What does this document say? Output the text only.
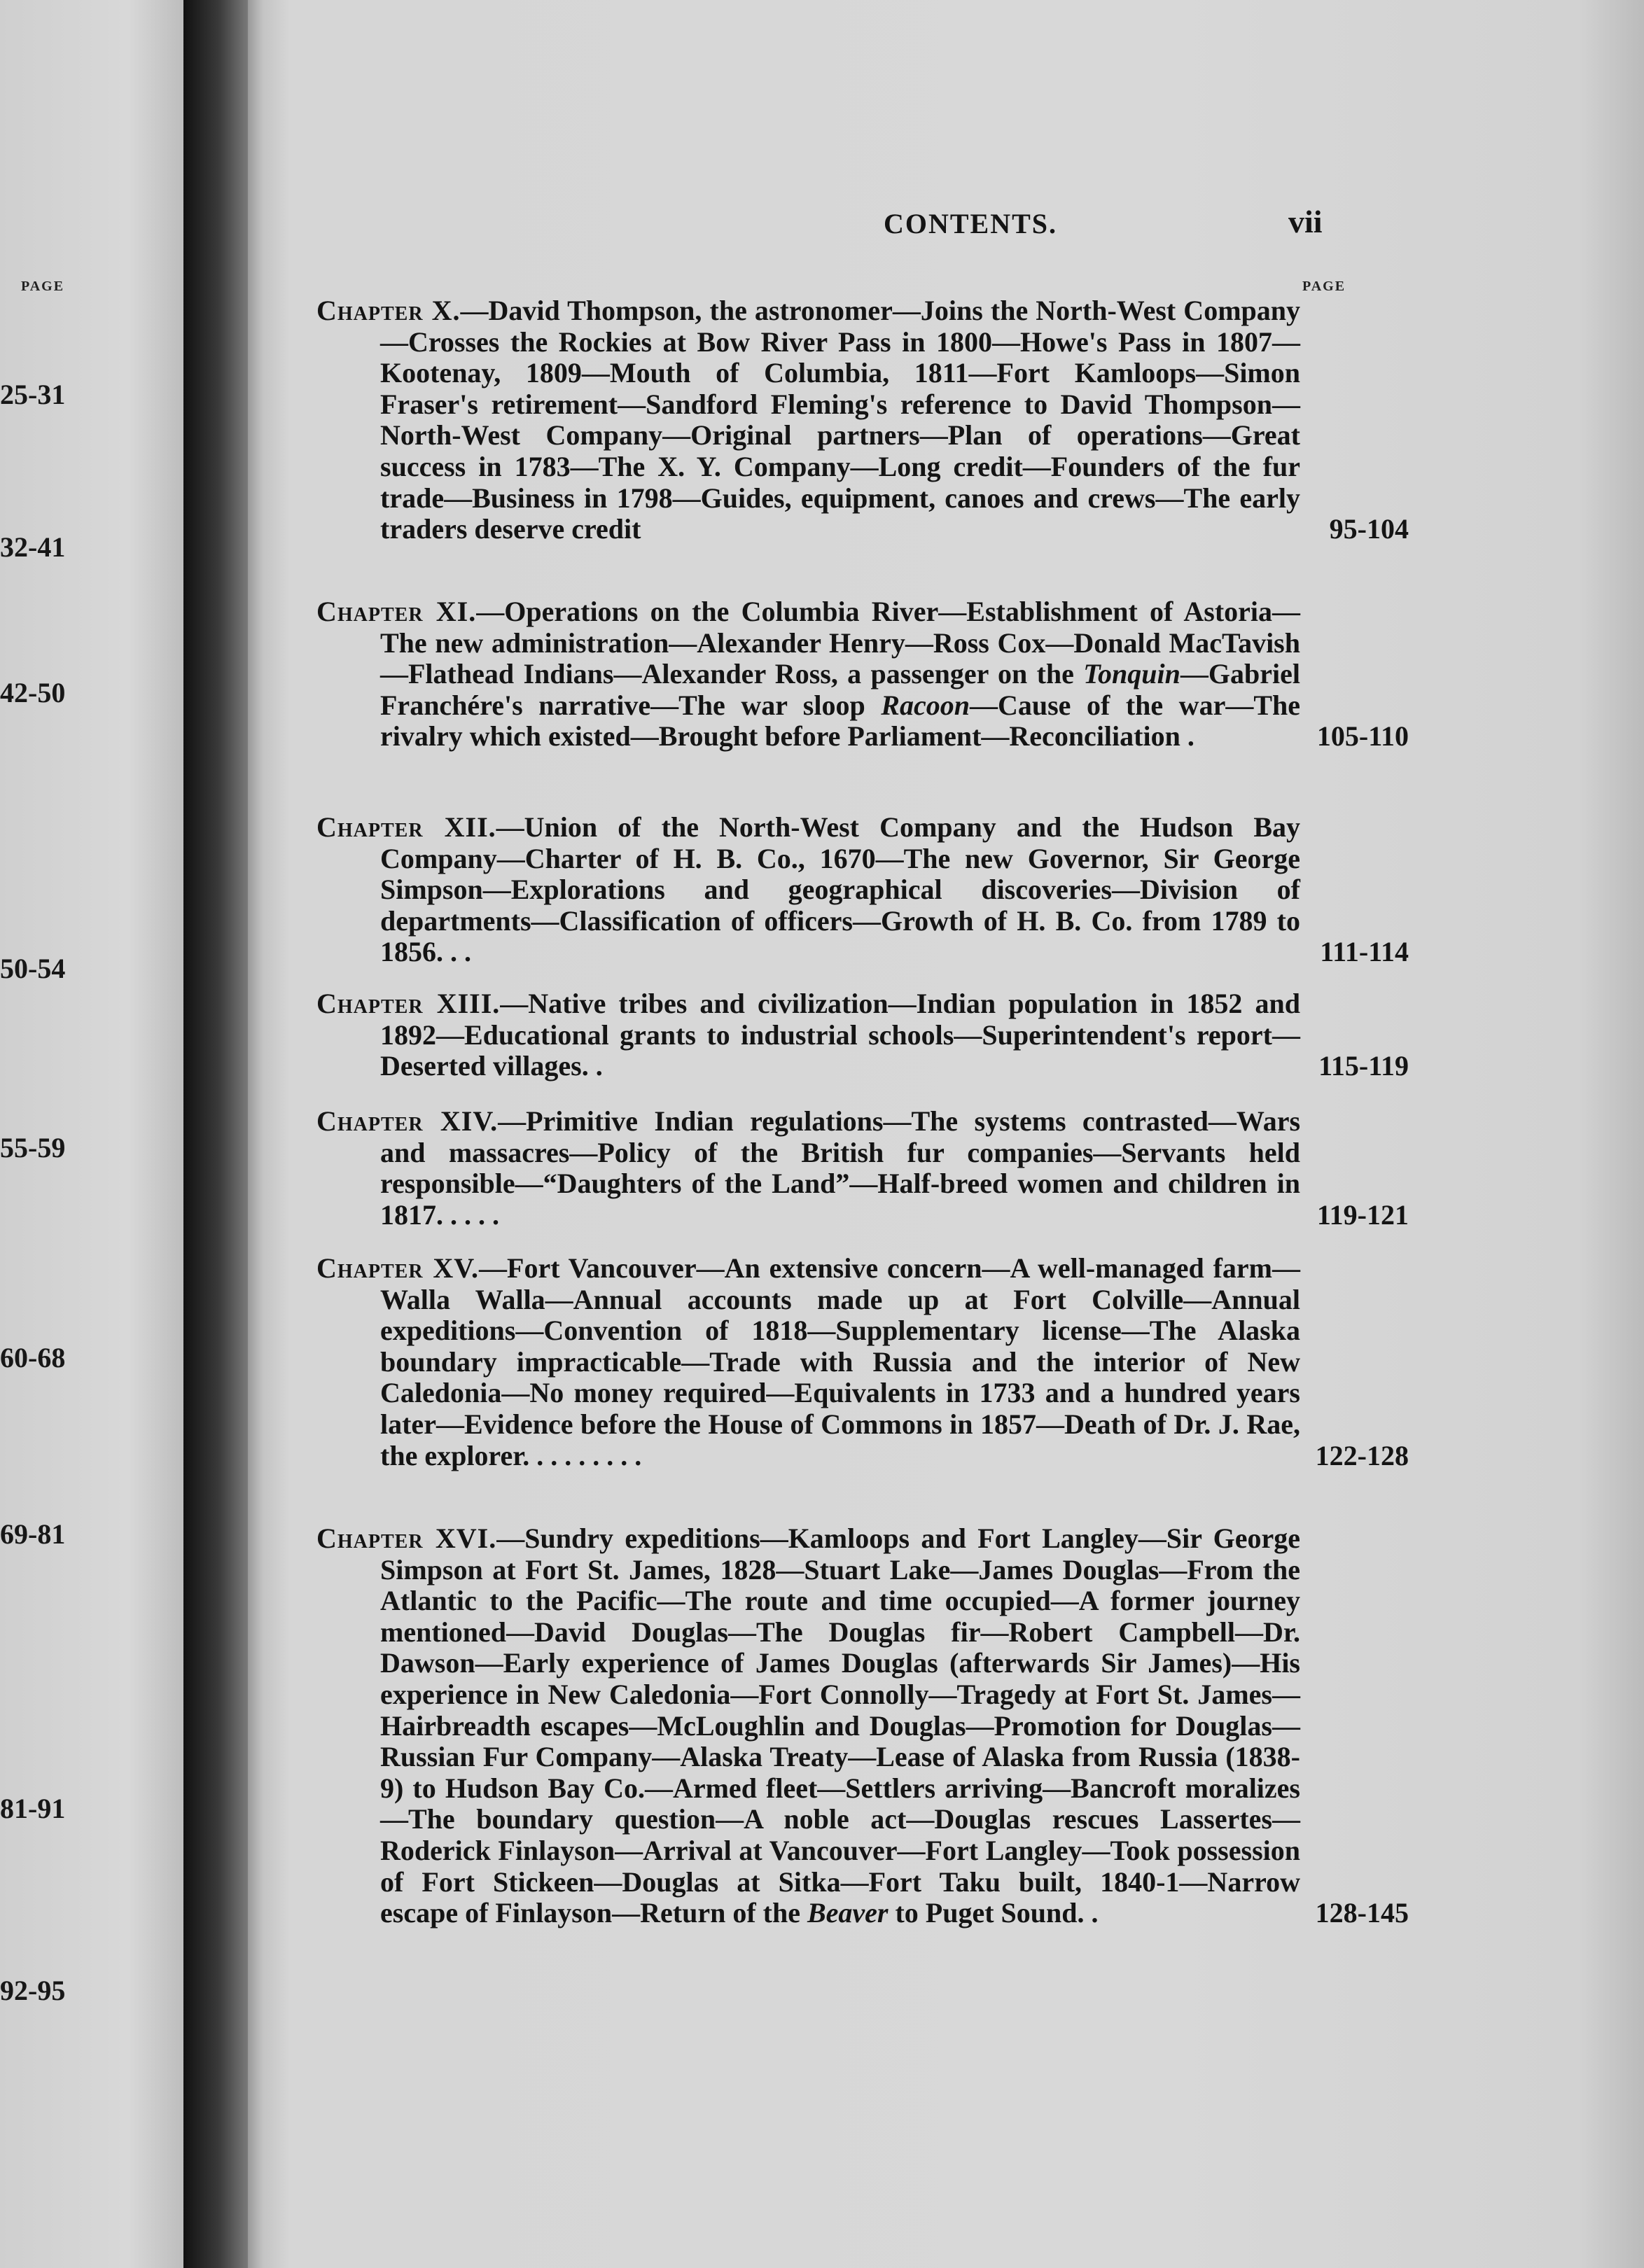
PAGE
25-31
32-41
42-50
50-54
55-59
60-68
69-81
81-91
92-95
CONTENTS.	vii
PAGE
Chapter X.—David Thompson, the astronomer—Joins the North-West Company—Crosses the Rockies at Bow River Pass in 1800—Howe's Pass in 1807—Kootenay, 1809—Mouth of Columbia, 1811—Fort Kamloops—Simon Fraser's retirement—Sandford Fleming's reference to David Thompson—North-West Company—Original partners—Plan of operations—Great success in 1783—The X. Y. Company—Long credit—Founders of the fur trade—Business in 1798—Guides, equipment, canoes and crews—The early traders deserve credit	95-104
Chapter XI.—Operations on the Columbia River—Establishment of Astoria—The new administration—Alexander Henry—Ross Cox—Donald MacTavish—Flathead Indians—Alexander Ross, a passenger on the Tonquin—Gabriel Franchére's narrative—The war sloop Racoon—Cause of the war—The rivalry which existed—Brought before Parliament—Reconciliation .	105-110
Chapter XII.—Union of the North-West Company and the Hudson Bay Company—Charter of H. B. Co., 1670—The new Governor, Sir George Simpson—Explorations and geographical discoveries—Division of departments—Classification of officers—Growth of H. B. Co. from 1789 to 1856. . .	111-114
Chapter XIII.—Native tribes and civilization—Indian population in 1852 and 1892—Educational grants to industrial schools—Superintendent's report—Deserted villages. .	115-119
Chapter XIV.—Primitive Indian regulations—The systems contrasted—Wars and massacres—Policy of the British fur companies—Servants held responsible—“Daughters of the Land”—Half-breed women and children in 1817. . . . .	119-121
Chapter XV.—Fort Vancouver—An extensive concern—A well-managed farm—Walla Walla—Annual accounts made up at Fort Colville—Annual expeditions—Convention of 1818—Supplementary license—The Alaska boundary impracticable—Trade with Russia and the interior of New Caledonia—No money required—Equivalents in 1733 and a hundred years later—Evidence before the House of Commons in 1857—Death of Dr. J. Rae, the explorer. . . . . . . . .	122-128
Chapter XVI.—Sundry expeditions—Kamloops and Fort Langley—Sir George Simpson at Fort St. James, 1828—Stuart Lake—James Douglas—From the Atlantic to the Pacific—The route and time occupied—A former journey mentioned—David Douglas—The Douglas fir—Robert Campbell—Dr. Dawson—Early experience of James Douglas (afterwards Sir James)—His experience in New Caledonia—Fort Connolly—Tragedy at Fort St. James—Hairbreadth escapes—McLoughlin and Douglas—Promotion for Douglas—Russian Fur Company—Alaska Treaty—Lease of Alaska from Russia (1838-9) to Hudson Bay Co.—Armed fleet—Settlers arriving—Bancroft moralizes—The boundary question—A noble act—Douglas rescues Lassertes—Roderick Finlayson—Arrival at Vancouver—Fort Langley—Took possession of Fort Stickeen—Douglas at Sitka—Fort Taku built, 1840-1—Narrow escape of Finlayson—Return of the Beaver to Puget Sound. .	128-145
